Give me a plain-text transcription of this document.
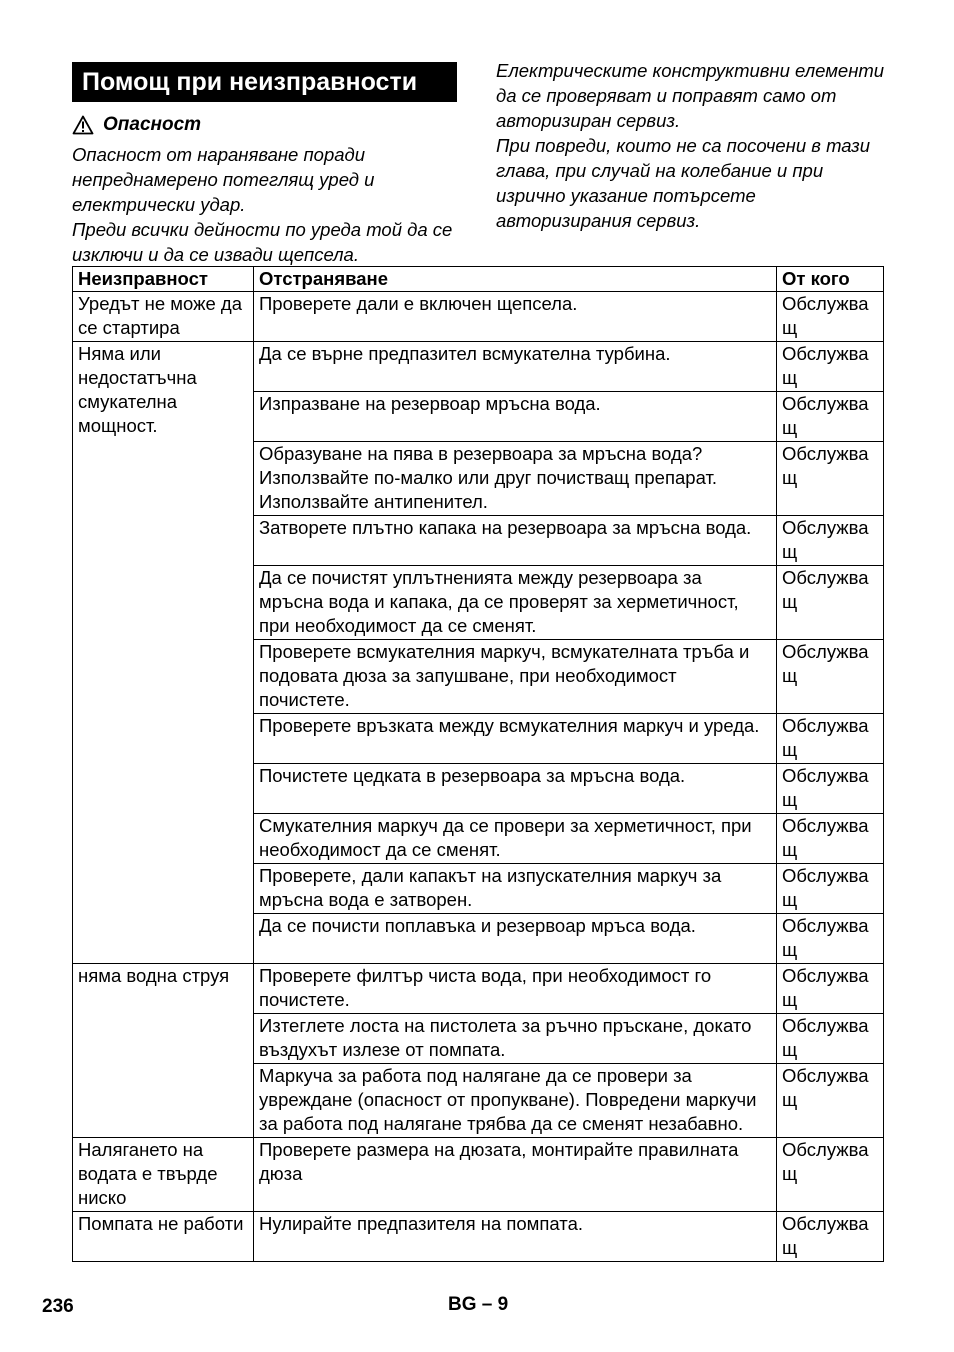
Помощ при неизправности
Опасност

Опасност от нараняване поради непреднамерено потеглящ уред и електрически удар.

Преди всички дейности по уреда той да се изключи и да се извади щепсела.

Електрическите конструктивни елементи да се проверяват и поправят само от авторизиран сервиз.

При повреди, които не са посочени в тази глава, при случай на колебание и при изрично указание потърсете авторизирания сервиз.

Неизправност	Отстраняване	От кого
Уредът не може да се стартира	Проверете дали е включен щепсела.	Обслужващ
Няма или недостатъчна смукателна мощност.	Да се върне предпазител всмукателна турбина.	Обслужващ
	Изпразване на резервоар мръсна вода.	Обслужващ
	Образуване на пява в резервоара за мръсна вода? Използвайте по-малко или друг почистващ препарат. Използвайте антипенител.	Обслужващ
	Затворете плътно капака на резервоара за мръсна вода.	Обслужващ
	Да се почистят уплътненията между резервоара за мръсна вода и капака, да се проверят за херметичност, при необходимост да се сменят.	Обслужващ
	Проверете всмукателния маркуч, всмукателната тръба и подовата дюза за запушване, при необходимост почистете.	Обслужващ
	Проверете връзката между всмукателния маркуч и уреда.	Обслужващ
	Почистете цедката в резервоара за мръсна вода.	Обслужващ
	Смукателния маркуч да се провери за херметичност, при необходимост да се сменят.	Обслужващ
	Проверете, дали капакът на изпускателния маркуч за мръсна вода е затворен.	Обслужващ
	Да се почисти поплавъка и резервоар мръса вода.	Обслужващ
няма водна струя	Проверете филтър чиста вода, при необходимост го почистете.	Обслужващ
	Изтеглете лоста на пистолета за ръчно пръскане, докато въздухът излезе от помпата.	Обслужващ
	Маркуча за работа под налягане да се провери за увреждане (опасност от пропукване). Повредени маркучи за работа под налягане трябва да се сменят незабавно.	Обслужващ
Налягането на водата е твърде ниско	Проверете размера на дюзата, монтирайте правилната дюза	Обслужващ
Помпата не работи	Нулирайте предпазителя на помпата.	Обслужващ
236	BG – 9
